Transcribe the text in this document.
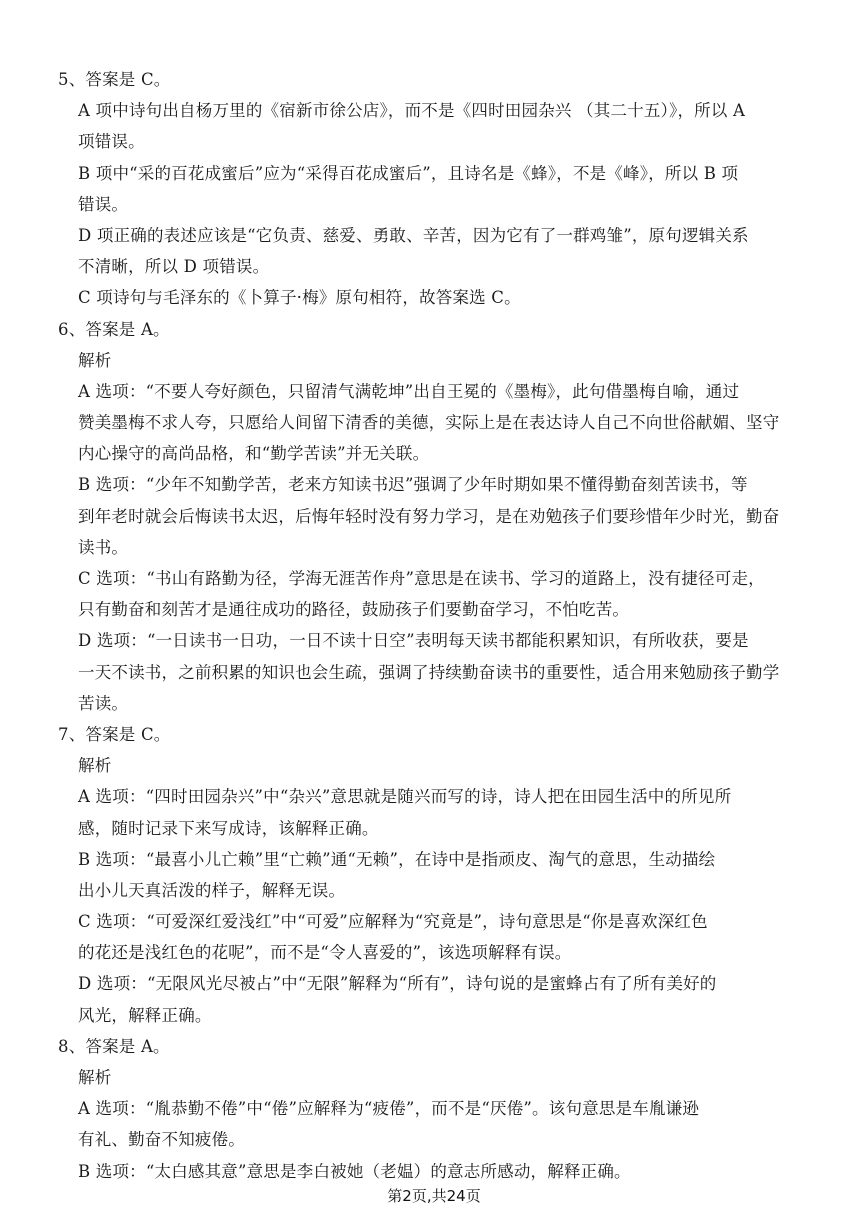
5、答案是 C。
A 项中诗句出自杨万里的《宿新市徐公店》，而不是《四时田园杂兴 （其二十五）》，所以 A
项错误。
B 项中“采的百花成蜜后”应为“采得百花成蜜后”，且诗名是《蜂》，不是《峰》，所以 B 项
错误。
D 项正确的表述应该是“它负责、慈爱、勇敢、辛苦，因为它有了一群鸡雏”，原句逻辑关系
不清晰，所以 D 项错误。
C 项诗句与毛泽东的《卜算子·梅》原句相符，故答案选 C。
6、答案是 A。
解析
A 选项：“不要人夸好颜色，只留清气满乾坤”出自王冕的《墨梅》，此句借墨梅自喻，通过
赞美墨梅不求人夸，只愿给人间留下清香的美德，实际上是在表达诗人自己不向世俗献媚、坚守
内心操守的高尚品格，和“勤学苦读”并无关联。
B 选项：“少年不知勤学苦，老来方知读书迟”强调了少年时期如果不懂得勤奋刻苦读书，等
到年老时就会后悔读书太迟，后悔年轻时没有努力学习，是在劝勉孩子们要珍惜年少时光，勤奋
读书。
C 选项：“书山有路勤为径，学海无涯苦作舟”意思是在读书、学习的道路上，没有捷径可走，
只有勤奋和刻苦才是通往成功的路径，鼓励孩子们要勤奋学习，不怕吃苦。
D 选项：“一日读书一日功，一日不读十日空”表明每天读书都能积累知识，有所收获，要是
一天不读书，之前积累的知识也会生疏，强调了持续勤奋读书的重要性，适合用来勉励孩子勤学
苦读。
7、答案是 C。
解析
A 选项：“四时田园杂兴”中“杂兴”意思就是随兴而写的诗，诗人把在田园生活中的所见所
感，随时记录下来写成诗，该解释正确。
B 选项：“最喜小儿亡赖”里“亡赖”通“无赖”，在诗中是指顽皮、淘气的意思，生动描绘
出小儿天真活泼的样子，解释无误。
C 选项：“可爱深红爱浅红”中“可爱”应解释为“究竟是”，诗句意思是“你是喜欢深红色
的花还是浅红色的花呢”，而不是“令人喜爱的”，该选项解释有误。
D 选项：“无限风光尽被占”中“无限”解释为“所有”，诗句说的是蜜蜂占有了所有美好的
风光，解释正确。
8、答案是 A。
解析
A 选项：“胤恭勤不倦”中“倦”应解释为“疲倦”，而不是“厌倦”。该句意思是车胤谦逊
有礼、勤奋不知疲倦。
B 选项：“太白感其意”意思是李白被她（老媪）的意志所感动，解释正确。
第2页,共24页
